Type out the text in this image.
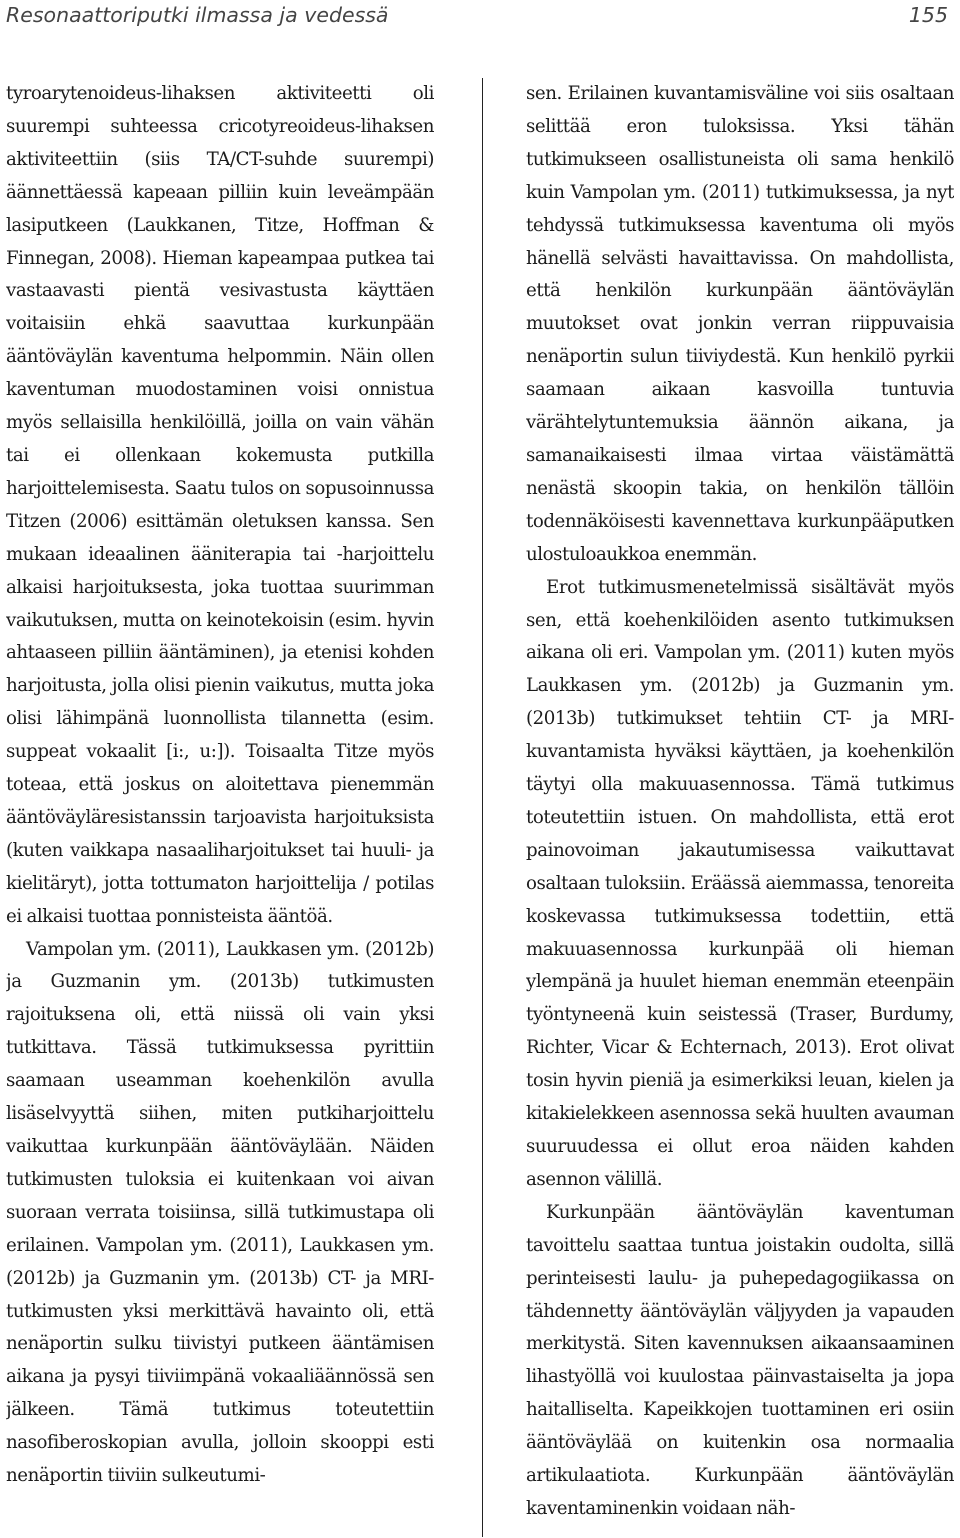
Resonaattoriputki ilmassa ja vedessä	155

tyroarytenoideus-lihaksen aktiviteetti oli suurempi suhteessa cricotyreoideus-lihaksen aktiviteettiin (siis TA/CT-suhde suurempi) äännettäessä kapeaan pilliin kuin leveämpään lasiputkeen (Laukkanen, Titze, Hoffman & Finnegan, 2008). Hieman kapeampaa putkea tai vastaavasti pientä vesivastusta käyttäen voitaisiin ehkä saavuttaa kurkunpään ääntöväylän kaventuma helpommin. Näin ollen kaventuman muodostaminen voisi onnistua myös sellaisilla henkilöillä, joilla on vain vähän tai ei ollenkaan kokemusta putkilla harjoittelemisesta. Saatu tulos on sopusoinnussa Titzen (2006) esittämän oletuksen kanssa. Sen mukaan ideaalinen ääniterapia tai -harjoittelu alkaisi harjoituksesta, joka tuottaa suurimman vaikutuksen, mutta on keinotekoisin (esim. hyvin ahtaaseen pilliin ääntäminen), ja etenisi kohden harjoitusta, jolla olisi pienin vaikutus, mutta joka olisi lähimpänä luonnollista tilannetta (esim. suppeat vokaalit [i:, u:]). Toisaalta Titze myös toteaa, että joskus on aloitettava pienemmän ääntöväyläresistanssin tarjoavista harjoituksista (kuten vaikkapa nasaaliharjoitukset tai huuli- ja kielitäryt), jotta tottumaton harjoittelija / potilas ei alkaisi tuottaa ponnisteista ääntöä.

Vampolan ym. (2011), Laukkasen ym. (2012b) ja Guzmanin ym. (2013b) tutkimusten rajoituksena oli, että niissä oli vain yksi tutkittava. Tässä tutkimuksessa pyrittiin saamaan useamman koehenkilön avulla lisäselvyyttä siihen, miten putkiharjoittelu vaikuttaa kurkunpään ääntöväylään. Näiden tutkimusten tuloksia ei kuitenkaan voi aivan suoraan verrata toisiinsa, sillä tutkimustapa oli erilainen. Vampolan ym. (2011), Laukkasen ym. (2012b) ja Guzmanin ym. (2013b) CT- ja MRI-tutkimusten yksi merkittävä havainto oli, että nenäportin sulku tiivistyi putkeen ääntämisen aikana ja pysyi tiiviimpänä vokaaliäännössä sen jälkeen. Tämä tutkimus toteutettiin nasofiberoskopian avulla, jolloin skooppi esti nenäportin tiiviin sulkeutumi-

sen. Erilainen kuvantamisväline voi siis osaltaan selittää eron tuloksissa. Yksi tähän tutkimukseen osallistuneista oli sama henkilö kuin Vampolan ym. (2011) tutkimuksessa, ja nyt tehdyssä tutkimuksessa kaventuma oli myös hänellä selvästi havaittavissa. On mahdollista, että henkilön kurkunpään ääntöväylän muutokset ovat jonkin verran riippuvaisia nenäportin sulun tiiviydestä. Kun henkilö pyrkii saamaan aikaan kasvoilla tuntuvia värähtelytuntemuksia äännön aikana, ja samanaikaisesti ilmaa virtaa väistämättä nenästä skoopin takia, on henkilön tällöin todennäköisesti kavennettava kurkunpääputken ulostuloaukkoa enemmän.

Erot tutkimusmenetelmissä sisältävät myös sen, että koehenkilöiden asento tutkimuksen aikana oli eri. Vampolan ym. (2011) kuten myös Laukkasen ym. (2012b) ja Guzmanin ym. (2013b) tutkimukset tehtiin CT- ja MRI-kuvantamista hyväksi käyttäen, ja koehenkilön täytyi olla makuuasennossa. Tämä tutkimus toteutettiin istuen. On mahdollista, että erot painovoiman jakautumisessa vaikuttavat osaltaan tuloksiin. Eräässä aiemmassa, tenoreita koskevassa tutkimuksessa todettiin, että makuuasennossa kurkunpää oli hieman ylempänä ja huulet hieman enemmän eteenpäin työntyneenä kuin seistessä (Traser, Burdumy, Richter, Vicar & Echternach, 2013). Erot olivat tosin hyvin pieniä ja esimerkiksi leuan, kielen ja kitakielekkeen asennossa sekä huulten avauman suuruudessa ei ollut eroa näiden kahden asennon välillä.

Kurkunpään ääntöväylän kaventuman tavoittelu saattaa tuntua joistakin oudolta, sillä perinteisesti laulu- ja puhepedagogiikassa on tähdennetty ääntöväylän väljyyden ja vapauden merkitystä. Siten kavennuksen aikaansaaminen lihastyöllä voi kuulostaa päinvastaiselta ja jopa haitalliselta. Kapeikkojen tuottaminen eri osiin ääntöväylää on kuitenkin osa normaalia artikulaatiota. Kurkunpään ääntöväylän kaventaminenkin voidaan näh-
